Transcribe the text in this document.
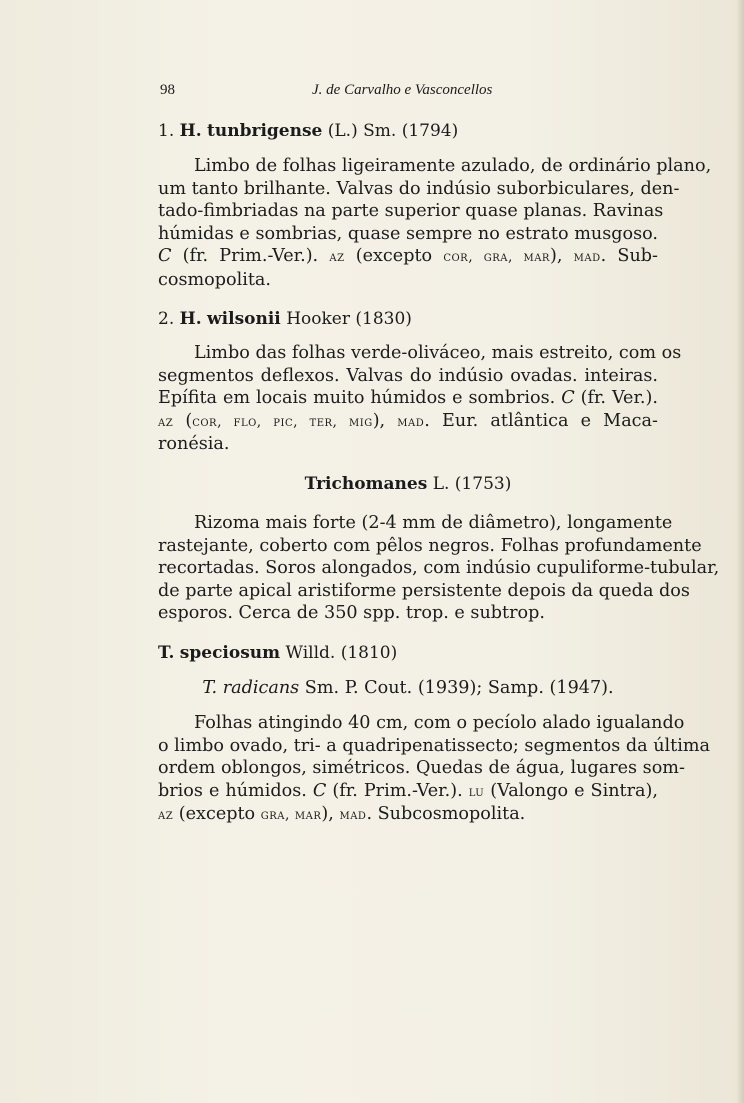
98	J. de Carvalho e Vasconcellos
1. H. tunbrigense (L.) Sm. (1794)
Limbo de folhas ligeiramente azulado, de ordinário plano,
um tanto brilhante. Valvas do indúsio suborbiculares, den-
tado-fimbriadas na parte superior quase planas. Ravinas
húmidas e sombrias, quase sempre no estrato musgoso.
C (fr. Prim.-Ver.). az (excepto cor, gra, mar), mad. Sub-
cosmopolita.
2. H. wilsonii Hooker (1830)
Limbo das folhas verde-oliváceo, mais estreito, com os
segmentos deflexos. Valvas do indúsio ovadas. inteiras.
Epífita em locais muito húmidos e sombrios. C (fr. Ver.).
az (cor, flo, pic, ter, mig), mad. Eur. atlântica e Maca-
ronésia.
Trichomanes L. (1753)
Rizoma mais forte (2-4 mm de diâmetro), longamente
rastejante, coberto com pêlos negros. Folhas profundamente
recortadas. Soros alongados, com indúsio cupuliforme-tubular,
de parte apical aristiforme persistente depois da queda dos
esporos. Cerca de 350 spp. trop. e subtrop.
T. speciosum Willd. (1810)
T. radicans Sm. P. Cout. (1939); Samp. (1947).
Folhas atingindo 40 cm, com o pecíolo alado igualando
o limbo ovado, tri- a quadripenatissecto; segmentos da última
ordem oblongos, simétricos. Quedas de água, lugares som-
brios e húmidos. C (fr. Prim.-Ver.). lu (Valongo e Sintra),
az (excepto gra, mar), mad. Subcosmopolita.
